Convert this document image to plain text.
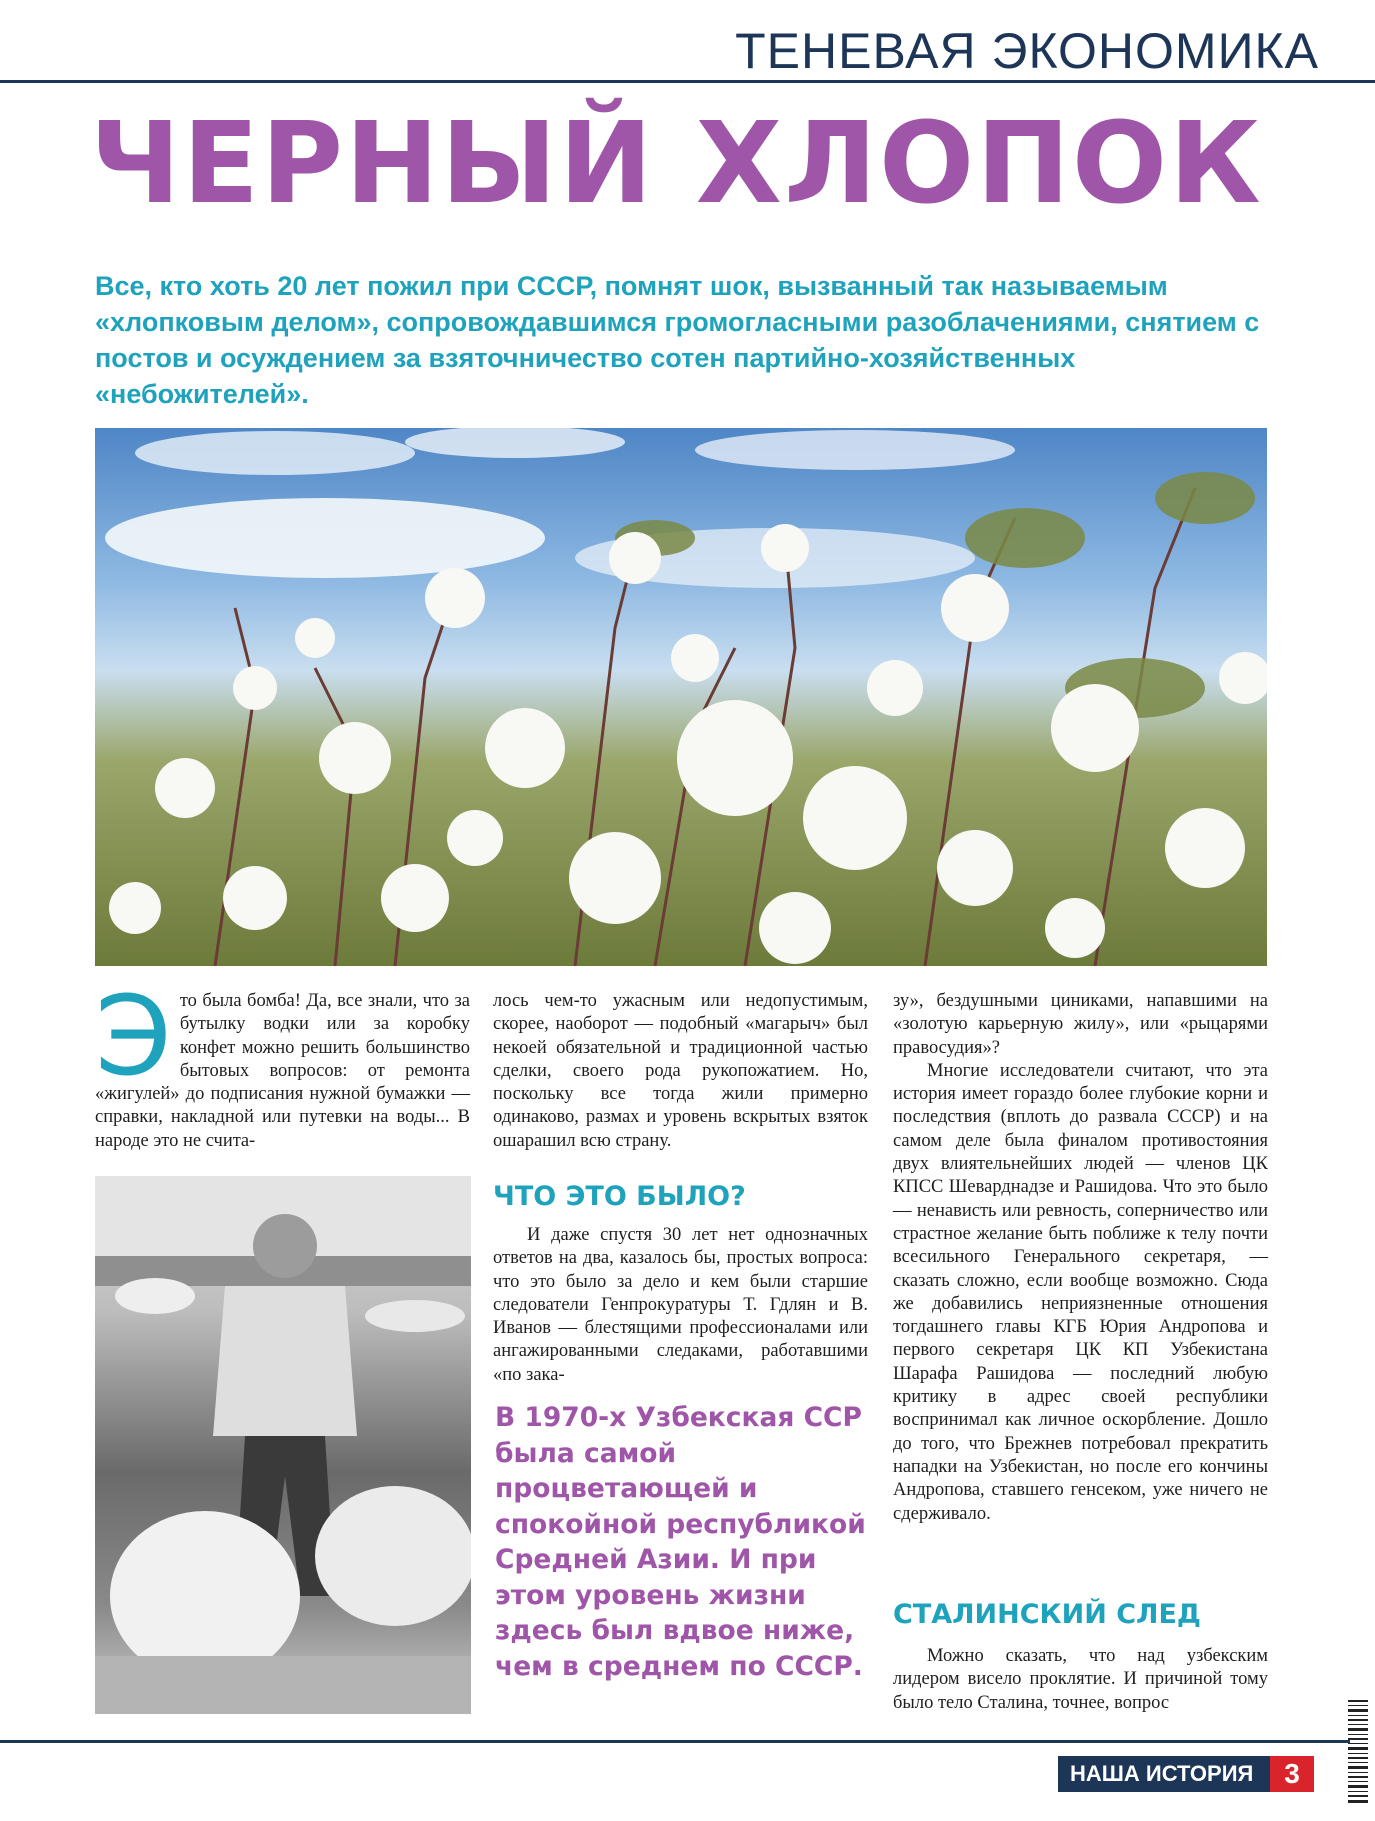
ТЕНЕВАЯ ЭКОНОМИКА
ЧЕРНЫЙ ХЛОПОК
Все, кто хоть 20 лет пожил при СССР, помнят шок, вызванный так называемым «хлопковым делом», сопровождавшимся громогласными разоблачениями, снятием с постов и осуждением за взяточничество сотен партийно-хозяйственных «небожителей».
Э то была бомба! Да, все знали, что за бутылку водки или за коробку конфет можно решить большинство бытовых вопросов: от ремонта «жигулей» до подписания нужной бумажки — справки, накладной или путевки на воды... В народе это не считa-

лось чем-то ужасным или недопустимым, скорее, наоборот — подобный «магарыч» был некоей обязательной и традиционной частью сделки, своего рода рукопожатием. Но, поскольку все тогда жили примерно одинаково, размах и уровень вскрытых взяток ошарашил всю страну.

ЧТО ЭТО БЫЛО?

И даже спустя 30 лет нет однозначных ответов на два, казалось бы, простых вопроса: что это было за дело и кем были старшие следователи Генпрокуратуры Т. Гдлян и В. Иванов — блестящими профессионалами или ангажированными следаками, работавшими «по зака-

В 1970-х Узбекская ССР была самой процветающей и спокойной республикой Средней Азии. И при этом уровень жизни здесь был вдвое ниже, чем в среднем по СССР.

зу», бездушными циниками, напавшими на «золотую карьерную жилу», или «рыцарями правосудия»?

Многие исследователи считают, что эта история имеет гораздо более глубокие корни и последствия (вплоть до развала СССР) и на самом деле была финалом противостояния двух влиятельнейших людей — членов ЦК КПСС Шеварднадзе и Рашидова. Что это было — ненависть или ревность, соперничество или страстное желание быть поближе к телу почти всесильного Генерального секретаря, — сказать сложно, если вообще возможно. Сюда же добавились неприязненные отношения тогдашнего главы КГБ Юрия Андропова и первого секретаря ЦК КП Узбекистана Шарафа Рашидова — последний любую критику в адрес своей республики воспринимал как личное оскорбление. Дошло до того, что Брежнев потребовал прекратить нападки на Узбекистан, но после его кончины Андропова, ставшего генсеком, уже ничего не сдерживало.

СТАЛИНСКИЙ СЛЕД

Можно сказать, что над узбекским лидером висело проклятие. И причиной тому было тело Сталина, точнее, вопрос

НАША ИСТОРИЯ	3
